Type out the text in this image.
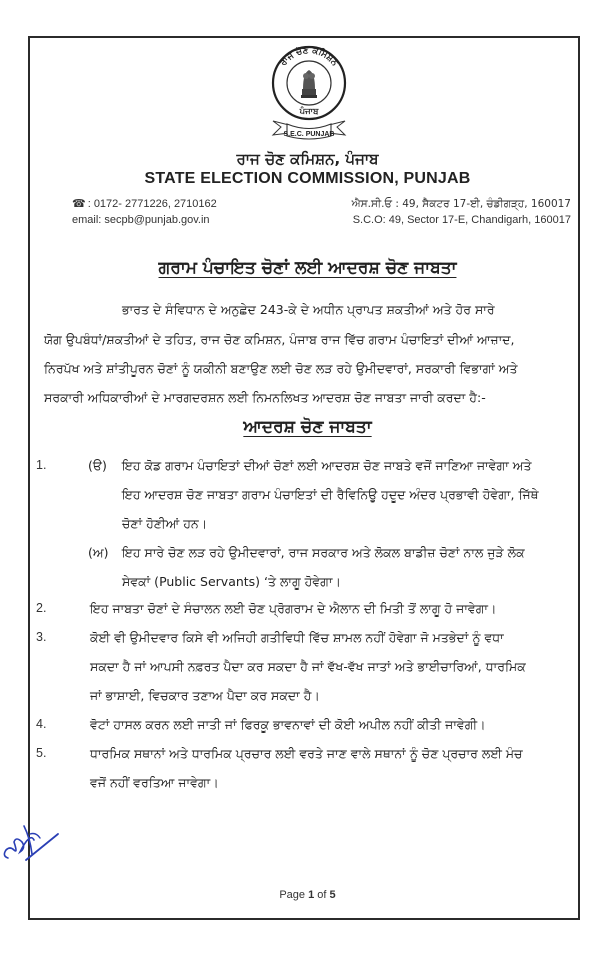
ਰਾਜ ਚੋਣ ਕਮਿਸ਼ਨ
ਪੰਜਾਬ
S.E.C. PUNJAB
ਰਾਜ ਚੋਣ ਕਮਿਸ਼ਨ, ਪੰਜਾਬ
STATE ELECTION COMMISSION, PUNJAB
☎ : 0172- 2771226, 2710162
email: secpb@punjab.gov.in
ਐਸ.ਸੀ.ਓ : 49, ਸੈਕਟਰ 17-ਈ, ਚੰਡੀਗੜ੍ਹ, 160017
S.C.O: 49, Sector 17-E, Chandigarh, 160017
ਗਰਾਮ ਪੰਚਾਇਤ ਚੋਣਾਂ ਲਈ ਆਦਰਸ਼ ਚੋਣ ਜਾਬਤਾ
ਭਾਰਤ ਦੇ ਸੰਵਿਧਾਨ ਦੇ ਅਨੁਛੇਦ 243-ਕੇ ਦੇ ਅਧੀਨ ਪ੍ਰਾਪਤ ਸ਼ਕਤੀਆਂ ਅਤੇ ਹੋਰ ਸਾਰੇ
ਯੋਗ ਉਪਬੰਧਾਂ/ਸ਼ਕਤੀਆਂ ਦੇ ਤਹਿਤ, ਰਾਜ ਚੋਣ ਕਮਿਸ਼ਨ, ਪੰਜਾਬ ਰਾਜ ਵਿੱਚ ਗਰਾਮ ਪੰਚਾਇਤਾਂ ਦੀਆਂ ਆਜ਼ਾਦ,
ਨਿਰਪੱਖ ਅਤੇ ਸ਼ਾਂਤੀਪੂਰਨ ਚੋਣਾਂ ਨੂੰ ਯਕੀਨੀ ਬਣਾਉਣ ਲਈ ਚੋਣ ਲੜ ਰਹੇ ਉਮੀਦਵਾਰਾਂ, ਸਰਕਾਰੀ ਵਿਭਾਗਾਂ ਅਤੇ
ਸਰਕਾਰੀ ਅਧਿਕਾਰੀਆਂ ਦੇ ਮਾਰਗਦਰਸ਼ਨ ਲਈ ਨਿਮਨਲਿਖਤ ਆਦਰਸ਼ ਚੋਣ ਜਾਬਤਾ ਜਾਰੀ ਕਰਦਾ ਹੈ:-
ਆਦਰਸ਼ ਚੋਣ ਜਾਬਤਾ
1.	(ੳ) ਇਹ ਕੋਡ ਗਰਾਮ ਪੰਚਾਇਤਾਂ ਦੀਆਂ ਚੋਣਾਂ ਲਈ ਆਦਰਸ਼ ਚੋਣ ਜਾਬਤੇ ਵਜੋਂ ਜਾਣਿਆ ਜਾਵੇਗਾ ਅਤੇ
ਇਹ ਆਦਰਸ਼ ਚੋਣ ਜਾਬਤਾ ਗਰਾਮ ਪੰਚਾਇਤਾਂ ਦੀ ਰੈਵਿਨਿਊ ਹਦੂਦ ਅੰਦਰ ਪ੍ਰਭਾਵੀ ਹੋਵੇਗਾ, ਜਿੱਥੇ
ਚੋਣਾਂ ਹੋਣੀਆਂ ਹਨ।
(ਅ) ਇਹ ਸਾਰੇ ਚੋਣ ਲੜ ਰਹੇ ਉਮੀਦਵਾਰਾਂ, ਰਾਜ ਸਰਕਾਰ ਅਤੇ ਲੋਕਲ ਬਾਡੀਜ਼ ਚੋਣਾਂ ਨਾਲ ਜੁੜੇ ਲੋਕ
ਸੇਵਕਾਂ (Public Servants) ‘ਤੇ ਲਾਗੂ ਹੋਵੇਗਾ।
2.	ਇਹ ਜਾਬਤਾ ਚੋਣਾਂ ਦੇ ਸੰਚਾਲਨ ਲਈ ਚੋਣ ਪ੍ਰੋਗਰਾਮ ਦੇ ਐਲਾਨ ਦੀ ਮਿਤੀ ਤੋਂ ਲਾਗੂ ਹੋ ਜਾਵੇਗਾ।
3.	ਕੋਈ ਵੀ ਉਮੀਦਵਾਰ ਕਿਸੇ ਵੀ ਅਜਿਹੀ ਗਤੀਵਿਧੀ ਵਿੱਚ ਸ਼ਾਮਲ ਨਹੀਂ ਹੋਵੇਗਾ ਜੋ ਮਤਭੇਦਾਂ ਨੂੰ ਵਧਾ
ਸਕਦਾ ਹੈ ਜਾਂ ਆਪਸੀ ਨਫ਼ਰਤ ਪੈਦਾ ਕਰ ਸਕਦਾ ਹੈ ਜਾਂ ਵੱਖ-ਵੱਖ ਜਾਤਾਂ ਅਤੇ ਭਾਈਚਾਰਿਆਂ, ਧਾਰਮਿਕ
ਜਾਂ ਭਾਸ਼ਾਈ, ਵਿਚਕਾਰ ਤਣਾਅ ਪੈਦਾ ਕਰ ਸਕਦਾ ਹੈ।
4.	ਵੋਟਾਂ ਹਾਸਲ ਕਰਨ ਲਈ ਜਾਤੀ ਜਾਂ ਫਿਰਕੂ ਭਾਵਨਾਵਾਂ ਦੀ ਕੋਈ ਅਪੀਲ ਨਹੀਂ ਕੀਤੀ ਜਾਵੇਗੀ।
5.	ਧਾਰਮਿਕ ਸਥਾਨਾਂ ਅਤੇ ਧਾਰਮਿਕ ਪ੍ਰਚਾਰ ਲਈ ਵਰਤੇ ਜਾਣ ਵਾਲੇ ਸਥਾਨਾਂ ਨੂੰ ਚੋਣ ਪ੍ਰਚਾਰ ਲਈ ਮੰਚ
ਵਜੋਂ ਨਹੀਂ ਵਰਤਿਆ ਜਾਵੇਗਾ।
Page 1 of 5
